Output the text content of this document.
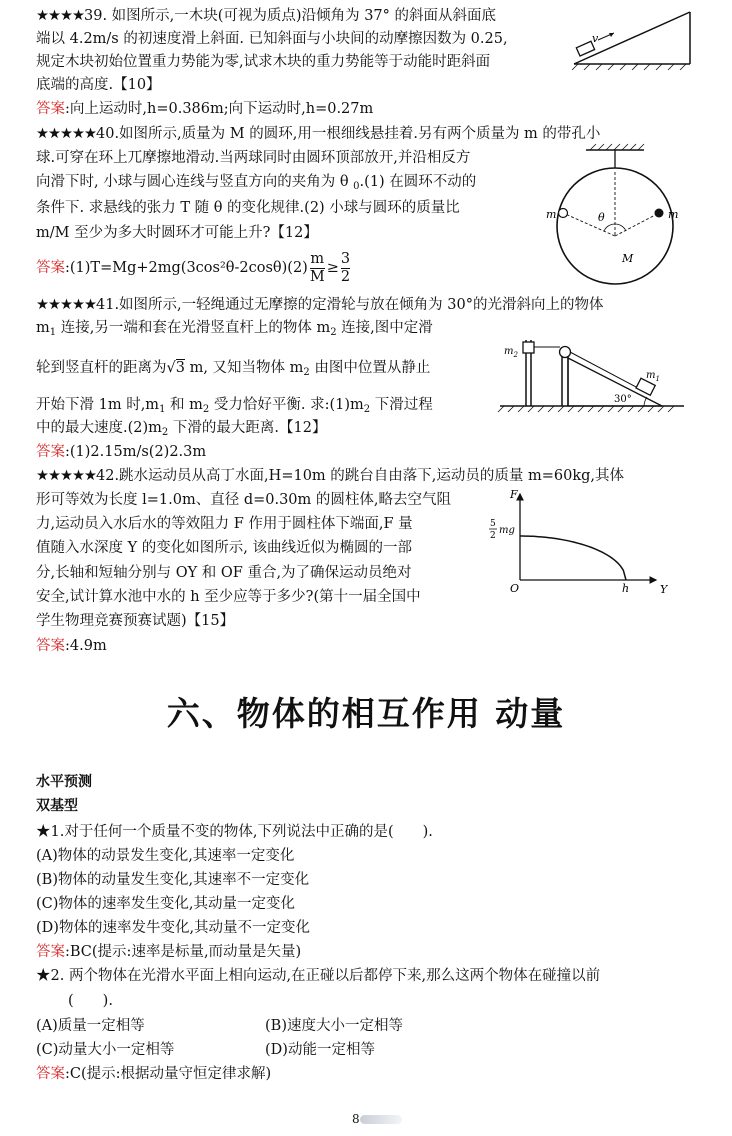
★★★★39. 如图所示,一木块(可视为质点)沿倾角为 37° 的斜面从斜面底
端以 4.2m/s 的初速度滑上斜面. 已知斜面与小块间的动摩擦因数为 0.25,
规定木块初始位置重力势能为零,试求木块的重力势能等于动能时距斜面
底端的高度.【10】
答案:向上运动时,h=0.386m;向下运动时,h=0.27m
v
★★★★★40.如图所示,质量为 M 的圆环,用一根细线悬挂着.另有两个质量为 m 的带孔小
球.可穿在环上兀摩擦地滑动.当两球同时由圆环顶部放开,并沿相反方
向滑下时, 小球与圆心连线与竖直方向的夹角为 θ $_0$.(1) 在圆环不动的
条件下. 求悬线的张力 T 随 θ 的变化规律.(2) 小球与圆环的质量比
m/M 至少为多大时圆环才可能上升?【12】
答案:(1)T=Mg+2mg(3cos²θ-2cosθ)(2) $\frac{m}{M} \ge \frac{3}{2}$
m	m
θ
M
★★★★★41.如图所示,一轻绳通过无摩擦的定滑轮与放在倾角为 30°的光滑斜向上的物体
$m_1$ 连接,另一端和套在光滑竖直杆上的物体 $m_2$ 连接,图中定滑
轮到竖直杆的距离为√3 m, 又知当物体 $m_2$ 由图中位置从静止
开始下滑 1m 时$,m_1$ 和 $m_2$ 受力恰好平衡. 求$:(1)m_2$ 下滑过程
中的最大速度$.(2)m_2$ 下滑的最大距离.【12】
答案:(1)2.15m/s(2)2.3m
$m_2$
$m_1$
30°
★★★★★42.跳水运动员从高丁水面,H=10m 的跳台自由落下,运动员的质量 m=60kg,其体
形可等效为长度 l=1.0m、直径 d=0.30m 的圆柱体,略去空气阻
力,运动员入水后水的等效阻力 F 作用于圆柱体下端面,F 量
值随入水深度 Y 的变化如图所示, 该曲线近似为椭圆的一部
分,长轴和短轴分别与 OY 和 OF 重合,为了确保运动员绝对
安全,试计算水池中水的 h 至少应等于多少?(第十一届全国中
学生物理竞赛预赛试题)【15】
答案:4.9m
F
Y
O	h
5
2 mg
六、物体的相互作用 动量
水平预测
双基型
★1.对于任何一个质量不变的物体,下列说法中正确的是(　　).
(A)物体的动景发生变化,其速率一定变化
(B)物体的动量发生变化,其速率不一定变化
(C)物体的速率发生变化,其动量一定变化
(D)物体的速率发牛变化,其动量不一定变化
答案:BC(提示:速率是标量,而动量是矢量)
★2. 两个物体在光滑水平面上相向运动,在正碰以后都停下来,那么这两个物体在碰撞以前
(　　).
(A)质量一定相等	(B)速度大小一定相等
(C)动量大小一定相等	(D)动能一定相等
答案:C(提示:根据动量守恒定律求解)
8
